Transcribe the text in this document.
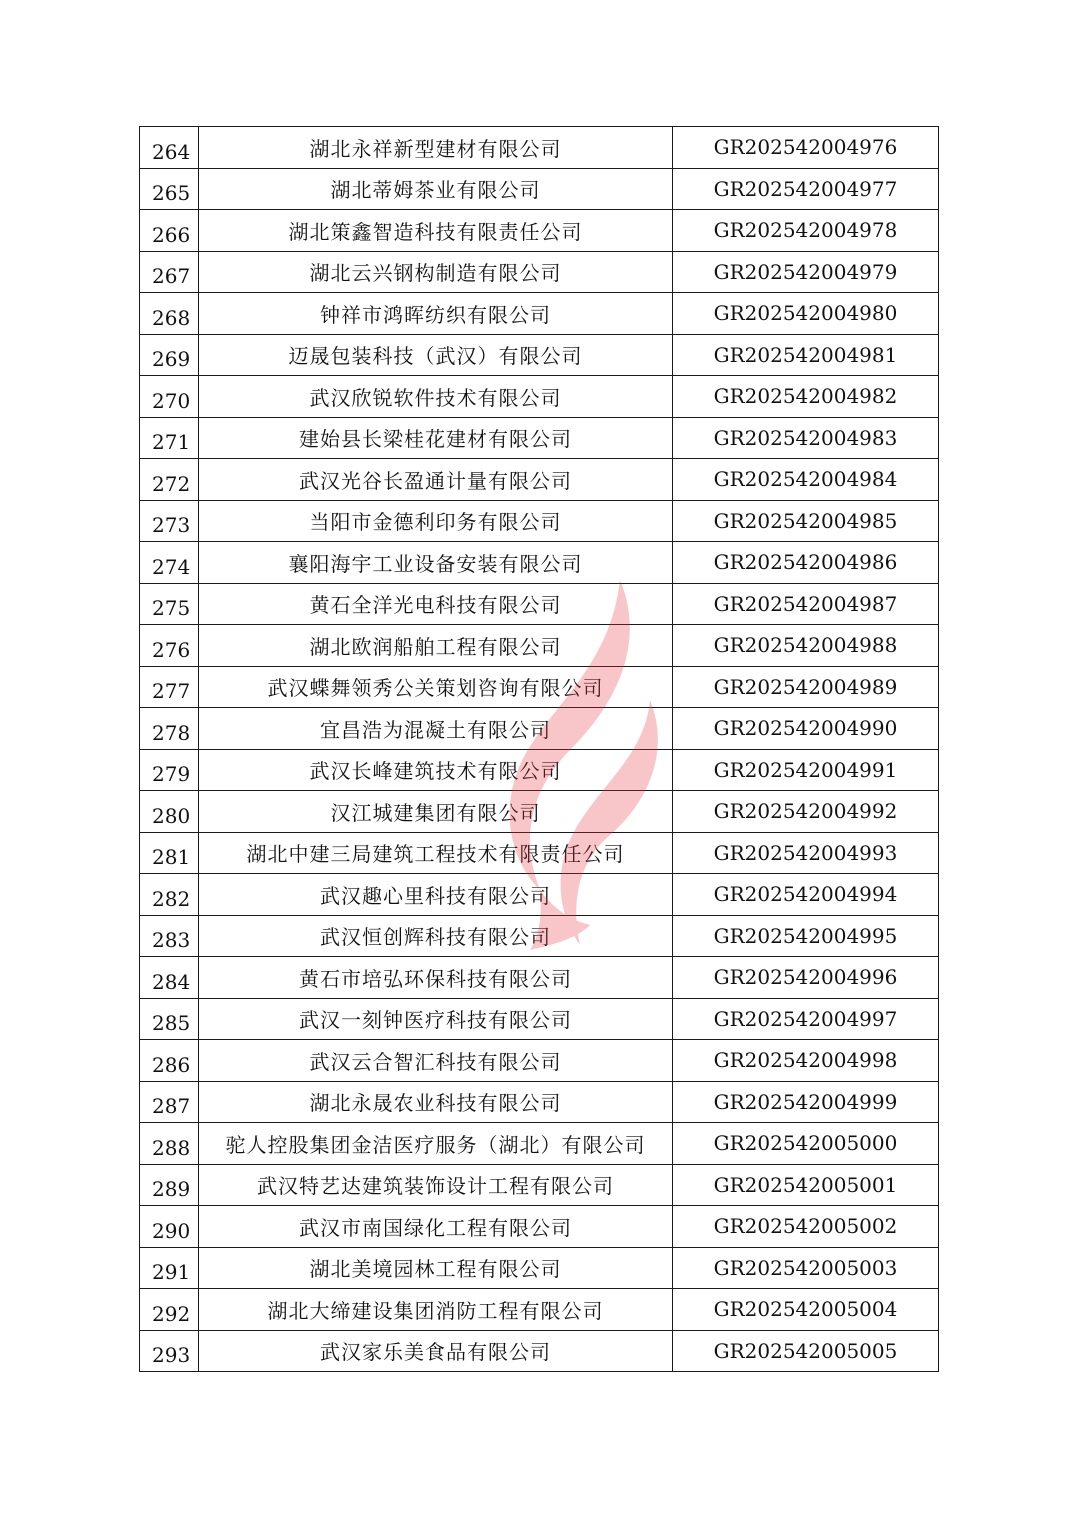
264	湖北永祥新型建材有限公司	GR202542004976
265	湖北蒂姆茶业有限公司	GR202542004977
266	湖北策鑫智造科技有限责任公司	GR202542004978
267	湖北云兴钢构制造有限公司	GR202542004979
268	钟祥市鸿晖纺织有限公司	GR202542004980
269	迈晟包装科技（武汉）有限公司	GR202542004981
270	武汉欣锐软件技术有限公司	GR202542004982
271	建始县长梁桂花建材有限公司	GR202542004983
272	武汉光谷长盈通计量有限公司	GR202542004984
273	当阳市金德利印务有限公司	GR202542004985
274	襄阳海宇工业设备安装有限公司	GR202542004986
275	黄石全洋光电科技有限公司	GR202542004987
276	湖北欧润船舶工程有限公司	GR202542004988
277	武汉蝶舞领秀公关策划咨询有限公司	GR202542004989
278	宜昌浩为混凝土有限公司	GR202542004990
279	武汉长峰建筑技术有限公司	GR202542004991
280	汉江城建集团有限公司	GR202542004992
281	湖北中建三局建筑工程技术有限责任公司	GR202542004993
282	武汉趣心里科技有限公司	GR202542004994
283	武汉恒创辉科技有限公司	GR202542004995
284	黄石市培弘环保科技有限公司	GR202542004996
285	武汉一刻钟医疗科技有限公司	GR202542004997
286	武汉云合智汇科技有限公司	GR202542004998
287	湖北永晟农业科技有限公司	GR202542004999
288	驼人控股集团金洁医疗服务（湖北）有限公司	GR202542005000
289	武汉特艺达建筑装饰设计工程有限公司	GR202542005001
290	武汉市南国绿化工程有限公司	GR202542005002
291	湖北美境园林工程有限公司	GR202542005003
292	湖北大缔建设集团消防工程有限公司	GR202542005004
293	武汉家乐美食品有限公司	GR202542005005
